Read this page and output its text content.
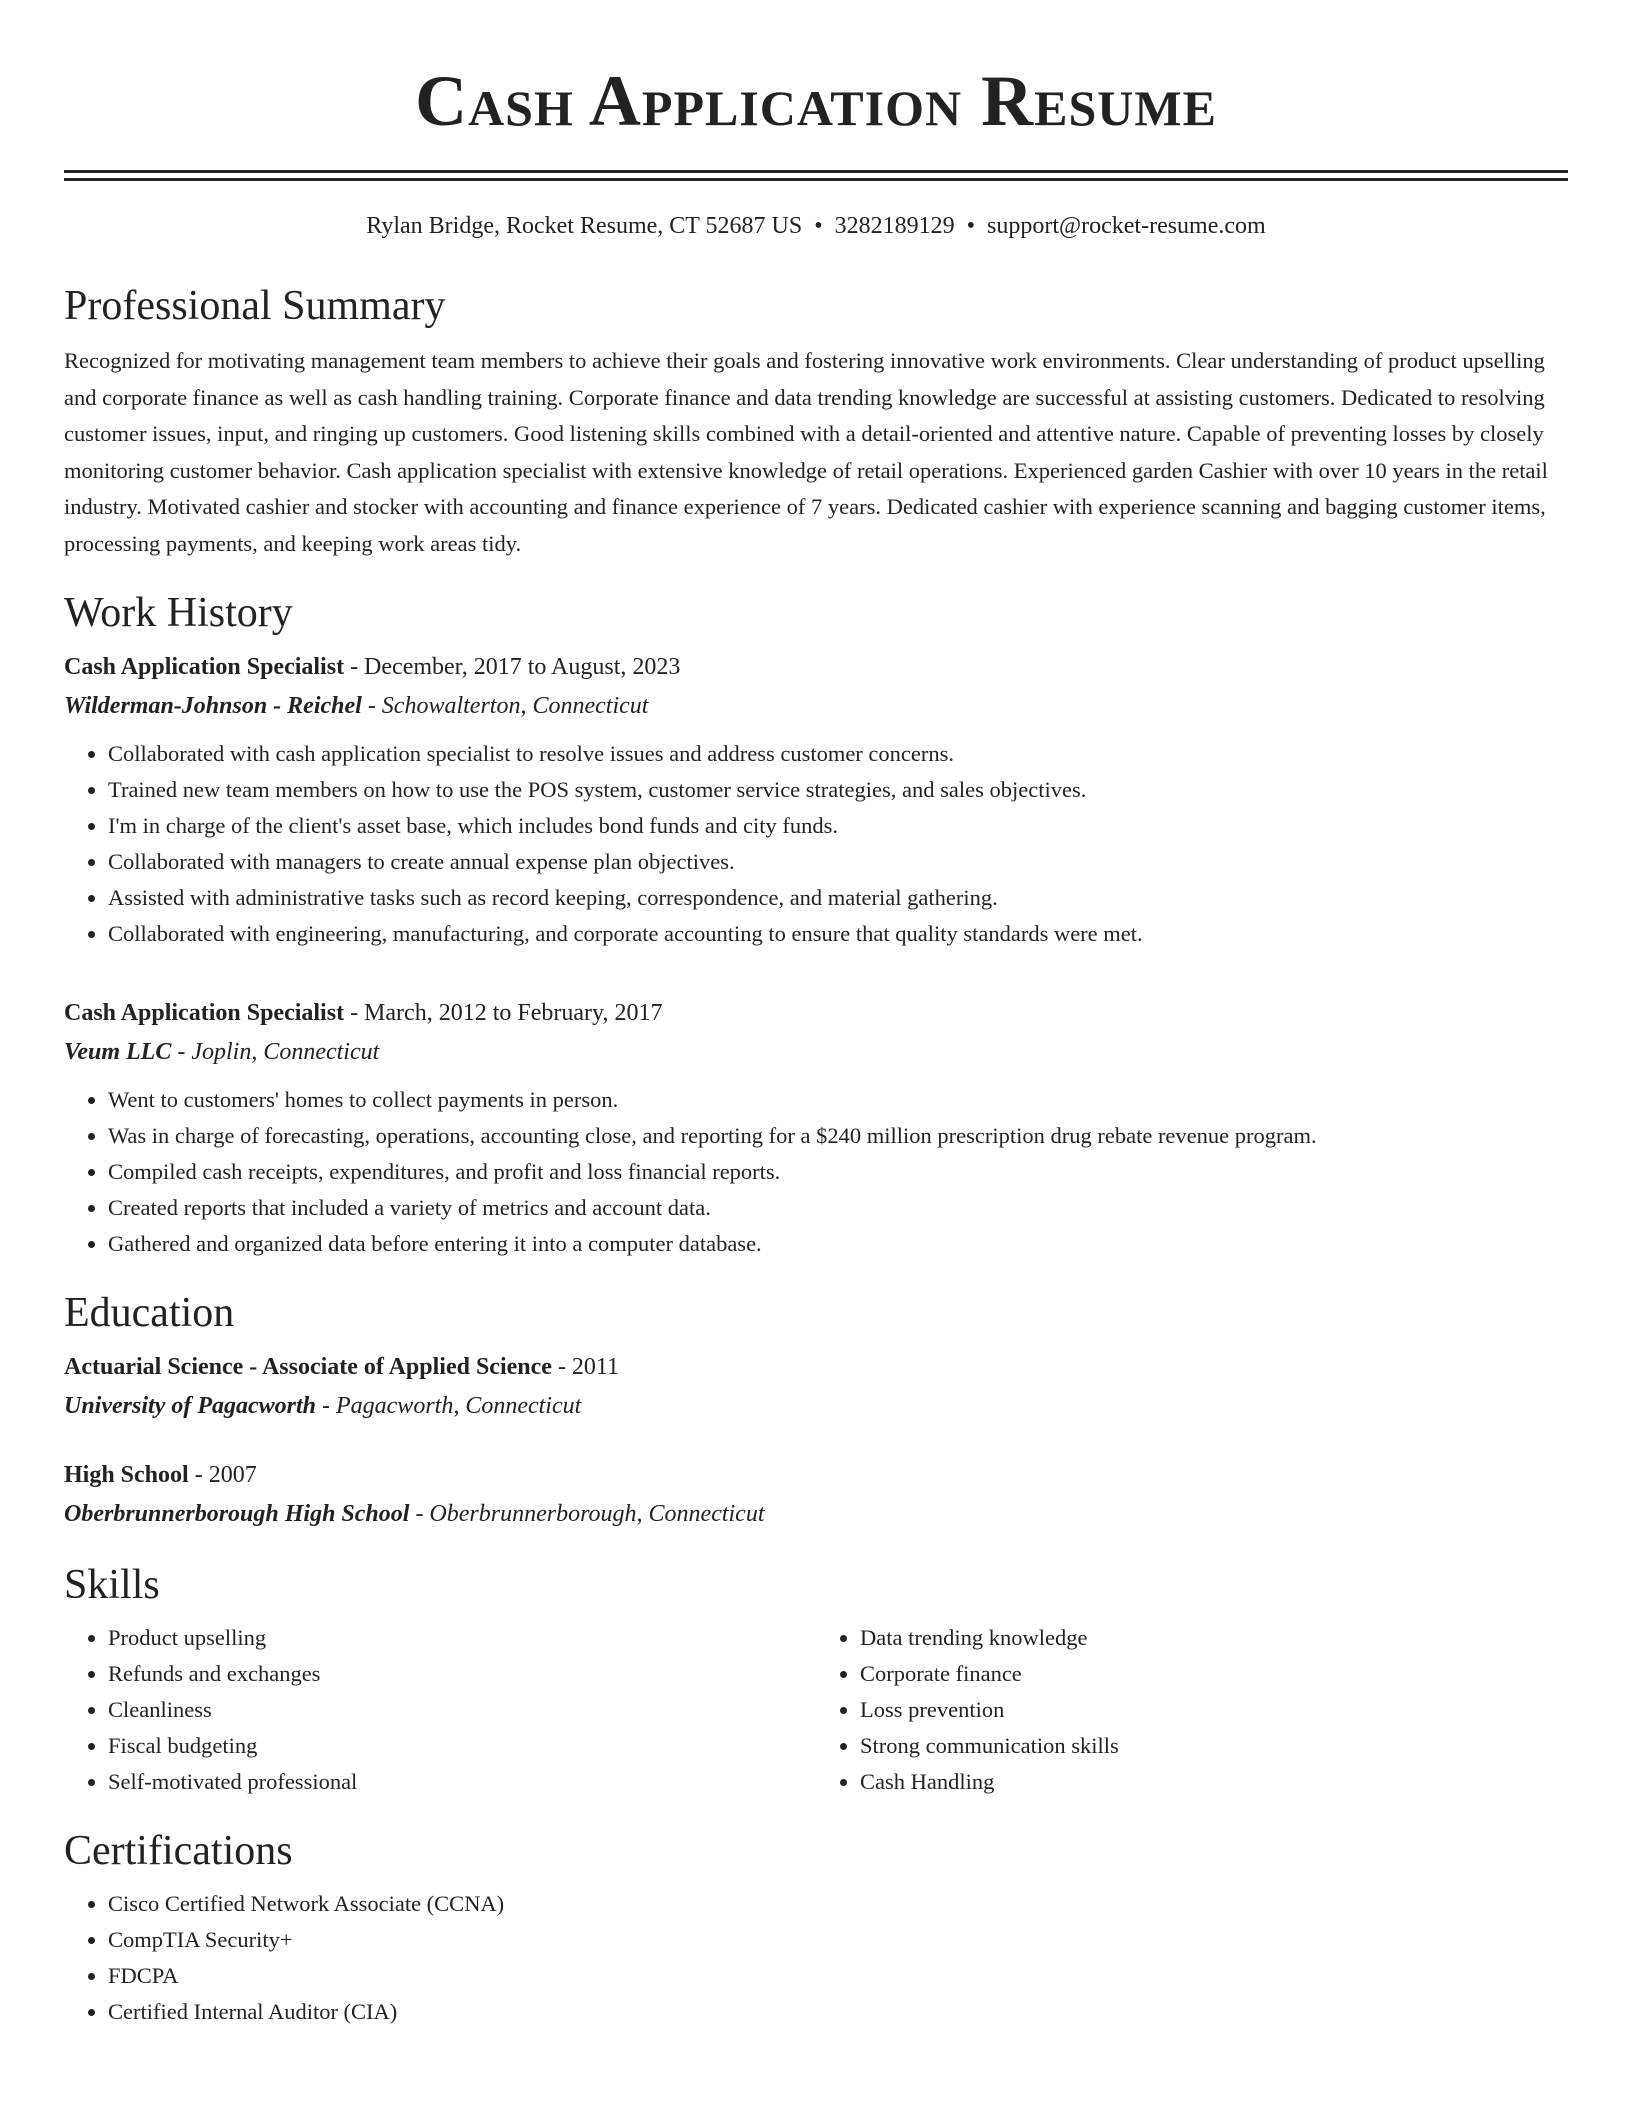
Cash Application Resume
Rylan Bridge, Rocket Resume, CT 52687 US • 3282189129 • support@rocket-resume.com
Professional Summary
Recognized for motivating management team members to achieve their goals and fostering innovative work environments. Clear understanding of product upselling and corporate finance as well as cash handling training. Corporate finance and data trending knowledge are successful at assisting customers. Dedicated to resolving customer issues, input, and ringing up customers. Good listening skills combined with a detail-oriented and attentive nature. Capable of preventing losses by closely monitoring customer behavior. Cash application specialist with extensive knowledge of retail operations. Experienced garden Cashier with over 10 years in the retail industry. Motivated cashier and stocker with accounting and finance experience of 7 years. Dedicated cashier with experience scanning and bagging customer items, processing payments, and keeping work areas tidy.
Work History
Cash Application Specialist - December, 2017 to August, 2023
Wilderman-Johnson - Reichel - Schowalterton, Connecticut
• Collaborated with cash application specialist to resolve issues and address customer concerns.
• Trained new team members on how to use the POS system, customer service strategies, and sales objectives.
• I'm in charge of the client's asset base, which includes bond funds and city funds.
• Collaborated with managers to create annual expense plan objectives.
• Assisted with administrative tasks such as record keeping, correspondence, and material gathering.
• Collaborated with engineering, manufacturing, and corporate accounting to ensure that quality standards were met.
Cash Application Specialist - March, 2012 to February, 2017
Veum LLC - Joplin, Connecticut
• Went to customers' homes to collect payments in person.
• Was in charge of forecasting, operations, accounting close, and reporting for a $240 million prescription drug rebate revenue program.
• Compiled cash receipts, expenditures, and profit and loss financial reports.
• Created reports that included a variety of metrics and account data.
• Gathered and organized data before entering it into a computer database.
Education
Actuarial Science - Associate of Applied Science - 2011
University of Pagacworth - Pagacworth, Connecticut
High School - 2007
Oberbrunnerborough High School - Oberbrunnerborough, Connecticut
Skills
• Product upselling
• Refunds and exchanges
• Cleanliness
• Fiscal budgeting
• Self-motivated professional
• Data trending knowledge
• Corporate finance
• Loss prevention
• Strong communication skills
• Cash Handling
Certifications
• Cisco Certified Network Associate (CCNA)
• CompTIA Security+
• FDCPA
• Certified Internal Auditor (CIA)
